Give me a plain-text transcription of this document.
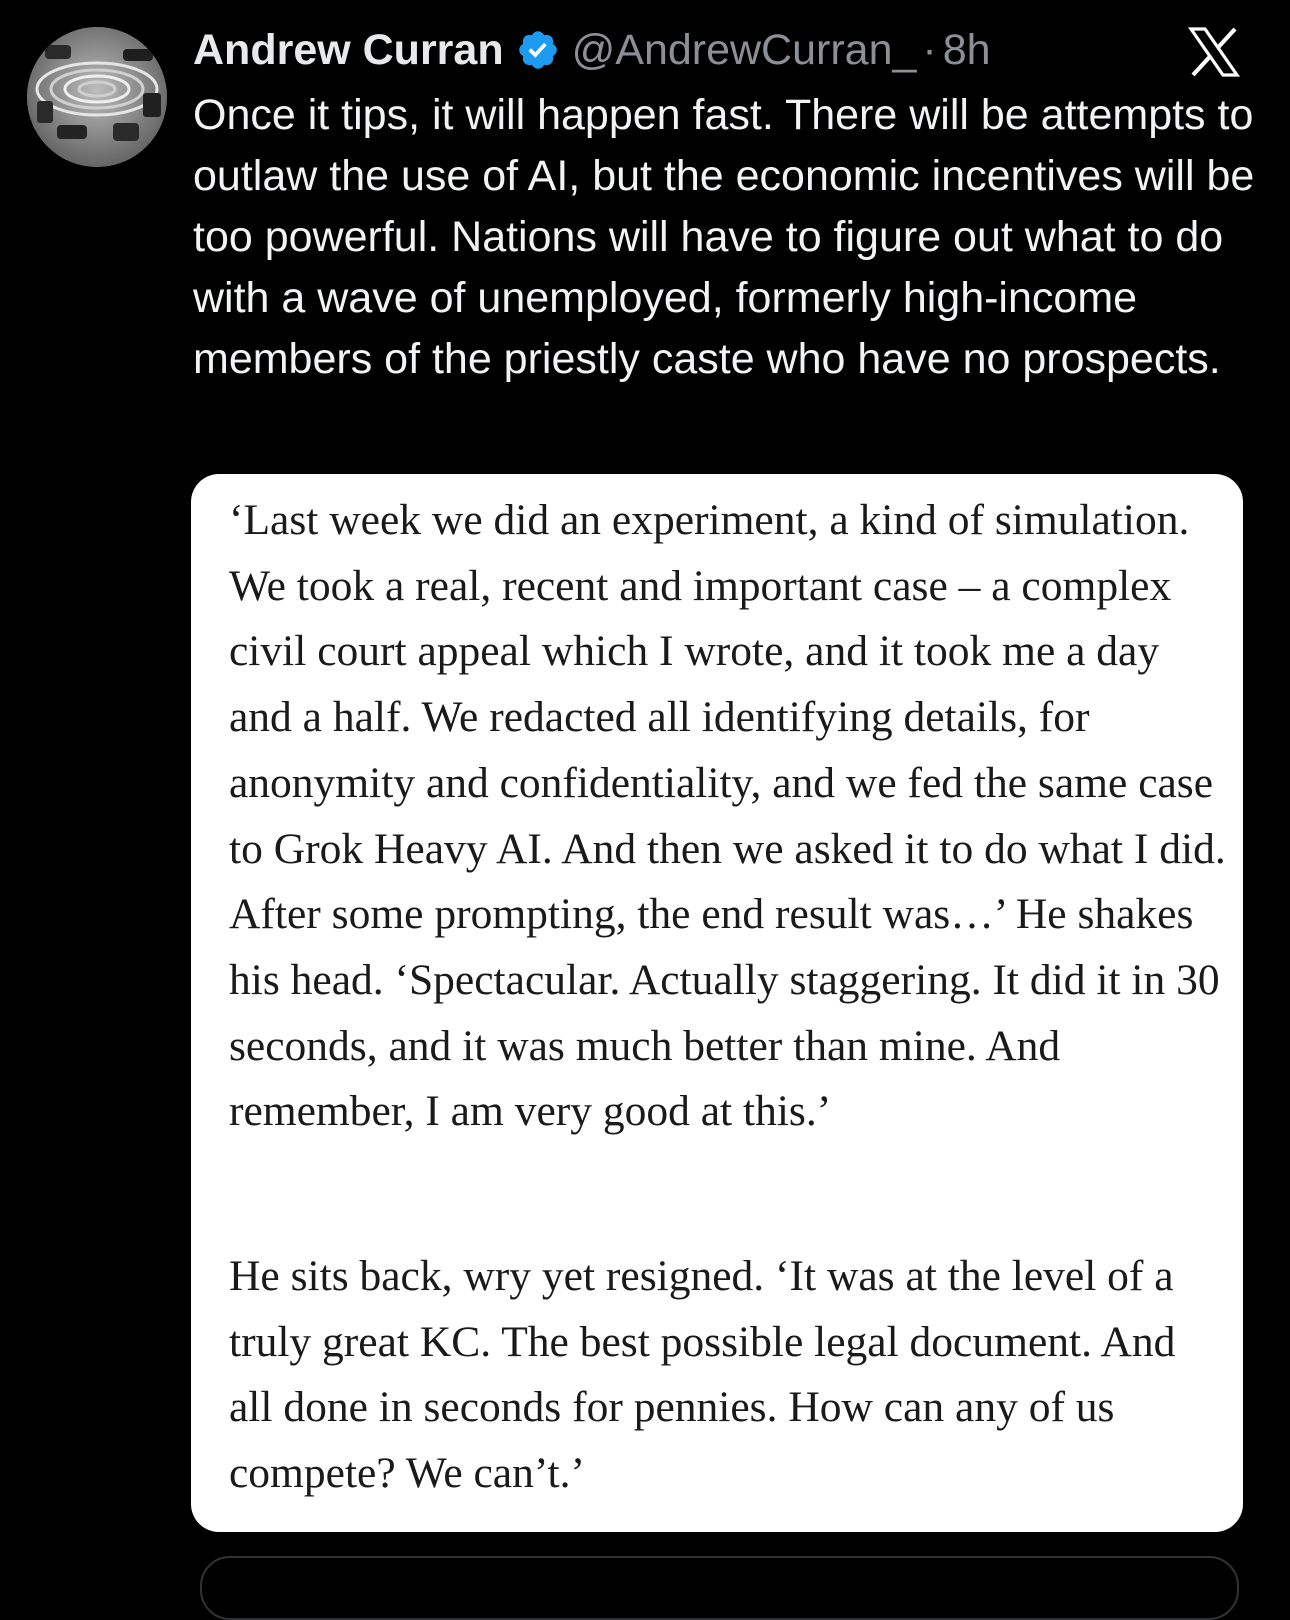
Andrew Curran @AndrewCurran_ · 8h

Once it tips, it will happen fast. There will be attempts to outlaw the use of AI, but the economic incentives will be too powerful. Nations will have to figure out what to do with a wave of unemployed, formerly high-income members of the priestly caste who have no prospects.

‘Last week we did an experiment, a kind of simulation. We took a real, recent and important case – a complex civil court appeal which I wrote, and it took me a day and a half. We redacted all identifying details, for anonymity and confidentiality, and we fed the same case to Grok Heavy AI. And then we asked it to do what I did. After some prompting, the end result was…’ He shakes his head. ‘Spectacular. Actually staggering. It did it in 30 seconds, and it was much better than mine. And remember, I am very good at this.’

He sits back, wry yet resigned. ‘It was at the level of a truly great KC. The best possible legal document. And all done in seconds for pennies. How can any of us compete? We can’t.’
